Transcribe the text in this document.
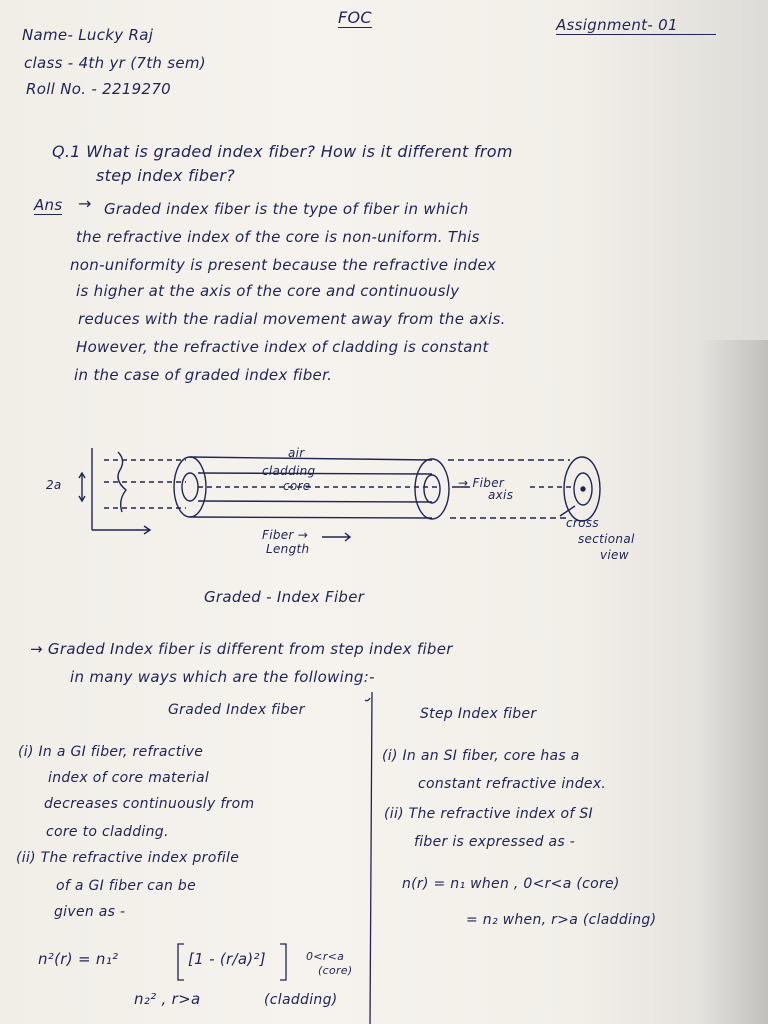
FOC	Assignment- 01
Name- Lucky Raj
class - 4th yr (7th sem)
Roll No. - 2219270
Q.1 What is graded index fiber? How is it different from
step index fiber?
Ans → Graded index fiber is the type of fiber in which
the refractive index of the core is non-uniform. This
non-uniformity is present because the refractive index
is higher at the axis of the core and continuously
reduces with the radial movement away from the axis.
However, the refractive index of cladding is constant
in the case of graded index fiber.
air
cladding
core
2a	→ Fiber
axis
Fiber →
Length
cross
sectional
view
Graded - Index Fiber
→ Graded Index fiber is different from step index fiber
in many ways which are the following:-
Graded Index fiber	Step Index fiber
(i) In a GI fiber, refractive
index of core material
decreases continuously from
core to cladding.
(ii) The refractive index profile
of a GI fiber can be
given as -
n²(r) = n₁²	[1 - (r/a)²]	0<r<a
(core)
n₂² , r>a	(cladding)
(i) In an SI fiber, core has a
constant refractive index.
(ii) The refractive index of SI
fiber is expressed as -
n(r) = n₁ when , 0<r<a (core)
= n₂ when, r>a (cladding)
